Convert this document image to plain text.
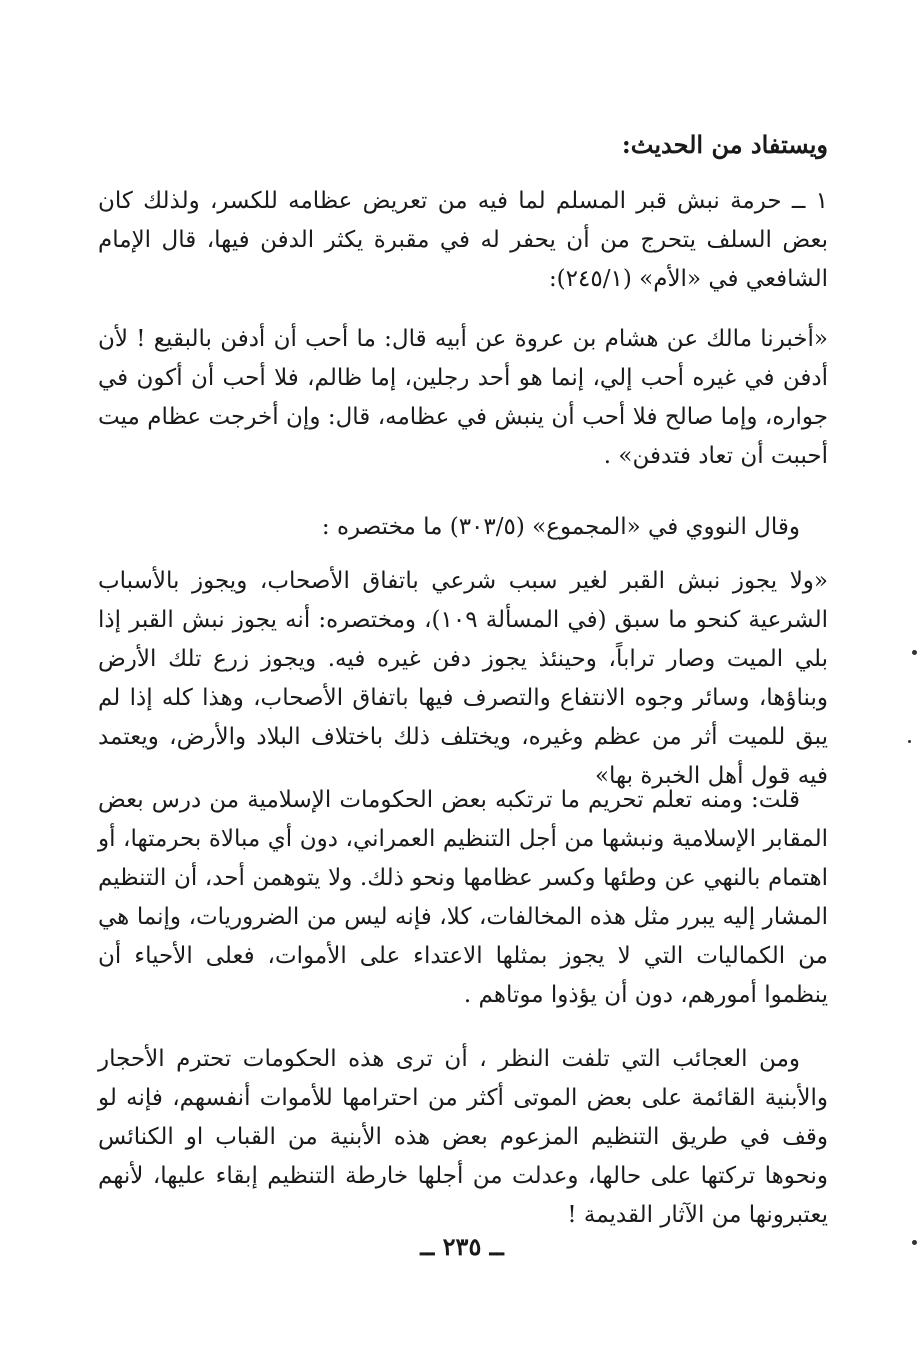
ويستفاد من الحديث:

١ ــ حرمة نبش قبر المسلم لما فيه من تعريض عظامه للكسر، ولذلك كان بعض السلف يتحرج من أن يحفر له في مقبرة يكثر الدفن فيها، قال الإمام الشافعي في «الأم» (٢٤٥/١):

«أخبرنا مالك عن هشام بن عروة عن أبيه قال: ما أحب أن أدفن بالبقيع ! لأن أدفن في غيره أحب إلي، إنما هو أحد رجلين، إما ظالم، فلا أحب أن أكون في جواره، وإما صالح فلا أحب أن ينبش في عظامه، قال: وإن أخرجت عظام ميت أحببت أن تعاد فتدفن» .

وقال النووي في «المجموع» (٣٠٣/٥) ما مختصره :

«ولا يجوز نبش القبر لغير سبب شرعي باتفاق الأصحاب، ويجوز بالأسباب الشرعية كنحو ما سبق (في المسألة ١٠٩)، ومختصره: أنه يجوز نبش القبر إذا بلي الميت وصار تراباً، وحينئذ يجوز دفن غيره فيه. ويجوز زرع تلك الأرض وبناؤها، وسائر وجوه الانتفاع والتصرف فيها باتفاق الأصحاب، وهذا كله إذا لم يبق للميت أثر من عظم وغيره، ويختلف ذلك باختلاف البلاد والأرض، ويعتمد فيه قول أهل الخبرة بها»

قلت: ومنه تعلم تحريم ما ترتكبه بعض الحكومات الإسلامية من درس بعض المقابر الإسلامية ونبشها من أجل التنظيم العمراني، دون أي مبالاة بحرمتها، أو اهتمام بالنهي عن وطئها وكسر عظامها ونحو ذلك. ولا يتوهمن أحد، أن التنظيم المشار إليه يبرر مثل هذه المخالفات، كلا، فإنه ليس من الضروريات، وإنما هي من الكماليات التي لا يجوز بمثلها الاعتداء على الأموات، فعلى الأحياء أن ينظموا أمورهم، دون أن يؤذوا موتاهم .

ومن العجائب التي تلفت النظر ، أن ترى هذه الحكومات تحترم الأحجار والأبنية القائمة على بعض الموتى أكثر من احترامها للأموات أنفسهم، فإنه لو وقف في طريق التنظيم المزعوم بعض هذه الأبنية من القباب او الكنائس ونحوها تركتها على حالها، وعدلت من أجلها خارطة التنظيم إبقاء عليها، لأنهم يعتبرونها من الآثار القديمة !

ــ ٢٣٥ ــ
